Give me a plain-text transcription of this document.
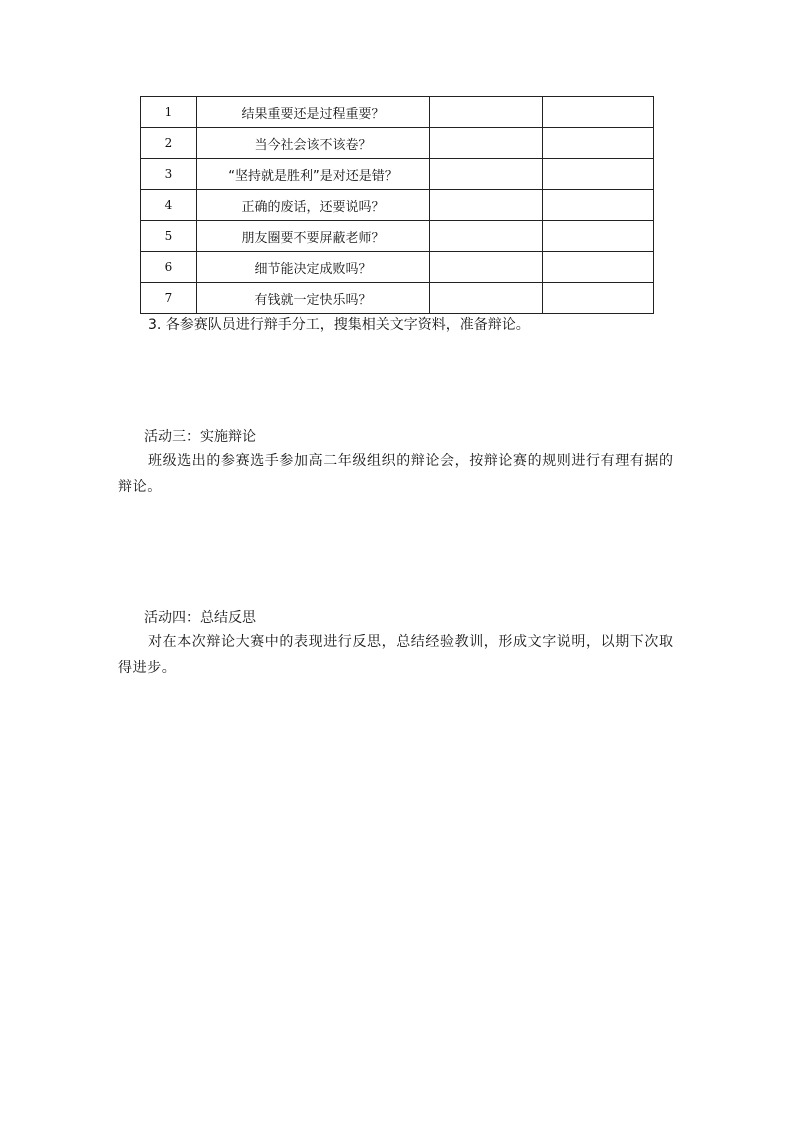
1	结果重要还是过程重要？		
2	当今社会该不该卷？		
3	“坚持就是胜利”是对还是错？		
4	正确的废话，还要说吗？		
5	朋友圈要不要屏蔽老师？		
6	细节能决定成败吗？		
7	有钱就一定快乐吗？		

3. 各参赛队员进行辩手分工，搜集相关文字资料，准备辩论。

活动三：实施辩论

班级选出的参赛选手参加高二年级组织的辩论会，按辩论赛的规则进行有理有据的辩论。

活动四：总结反思

对在本次辩论大赛中的表现进行反思，总结经验教训，形成文字说明，以期下次取得进步。
